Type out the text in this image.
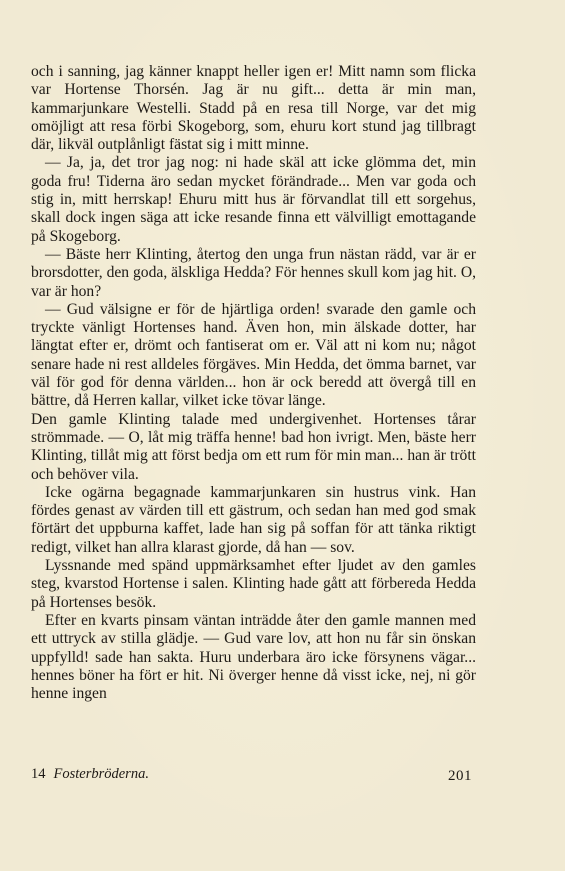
och i sanning, jag känner knappt heller igen er! Mitt namn som flicka var Hortense Thorsén. Jag är nu gift... detta är min man, kammarjunkare Westelli. Stadd på en resa till Norge, var det mig omöjligt att resa förbi Skogeborg, som, ehuru kort stund jag tillbragt där, likväl outplånligt fästat sig i mitt minne.

— Ja, ja, det tror jag nog: ni hade skäl att icke glömma det, min goda fru! Tiderna äro sedan mycket förändrade... Men var goda och stig in, mitt herrskap! Ehuru mitt hus är förvandlat till ett sorgehus, skall dock ingen säga att icke resande finna ett välvilligt emottagande på Skogeborg.

— Bäste herr Klinting, återtog den unga frun nästan rädd, var är er brorsdotter, den goda, älskliga Hedda? För hennes skull kom jag hit. O, var är hon?

— Gud välsigne er för de hjärtliga orden! svarade den gamle och tryckte vänligt Hortenses hand. Även hon, min älskade dotter, har längtat efter er, drömt och fantiserat om er. Väl att ni kom nu; något senare hade ni rest alldeles förgäves. Min Hedda, det ömma barnet, var väl för god för denna världen... hon är ock beredd att övergå till en bättre, då Herren kallar, vilket icke tövar länge.

Den gamle Klinting talade med undergivenhet. Hortenses tårar strömmade. — O, låt mig träffa henne! bad hon ivrigt. Men, bäste herr Klinting, tillåt mig att först bedja om ett rum för min man... han är trött och behöver vila.

Icke ogärna begagnade kammarjunkaren sin hustrus vink. Han fördes genast av värden till ett gästrum, och sedan han med god smak förtärt det uppburna kaffet, lade han sig på soffan för att tänka riktigt redigt, vilket han allra klarast gjorde, då han — sov.

Lyssnande med spänd uppmärksamhet efter ljudet av den gamles steg, kvarstod Hortense i salen. Klinting hade gått att förbereda Hedda på Hortenses besök.

Efter en kvarts pinsam väntan inträdde åter den gamle mannen med ett uttryck av stilla glädje. — Gud vare lov, att hon nu får sin önskan uppfylld! sade han sakta. Huru underbara äro icke försynens vägar... hennes böner ha fört er hit. Ni överger henne då visst icke, nej, ni gör henne ingen

14 Fosterbröderna.	201
